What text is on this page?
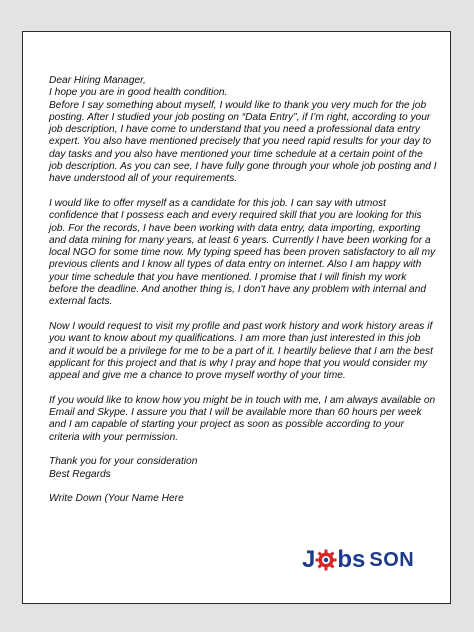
Dear Hiring Manager,

I hope you are in good health condition.

Before I say something about myself, I would like to thank you very much for the job posting. After I studied your job posting on “Data Entry”, if I’m right, according to your job description, I have come to understand that you need a professional data entry expert. You also have mentioned precisely that you need rapid results for your day to day tasks and you also have mentioned your time schedule at a certain point of the job description. As you can see, I have fully gone through your whole job posting and I have understood all of your requirements.

I would like to offer myself as a candidate for this job. I can say with utmost confidence that I possess each and every required skill that you are looking for this job. For the records, I have been working with data entry, data importing, exporting and data mining for many years, at least 6 years. Currently I have been working for a local NGO for some time now. My typing speed has been proven satisfactory to all my previous clients and I know all types of data entry on internet. Also I am happy with your time schedule that you have mentioned. I promise that I will finish my work before the deadline. And another thing is, I don't have any problem with internal and external facts.

Now I would request to visit my profile and past work history and work history areas if you want to know about my qualifications. I am more than just interested in this job and it would be a privilege for me to be a part of it. I heartily believe that I am the best applicant for this project and that is why I pray and hope that you would consider my appeal and give me a chance to prove myself worthy of your time.

If you would like to know how you might be in touch with me, I am always available on Email and Skype. I assure you that I will be available more than 60 hours per week and I am capable of starting your project as soon as possible according to your criteria with your permission.

Thank you for your consideration

Best Regards

Write Down (Your Name Here

J bs SON
